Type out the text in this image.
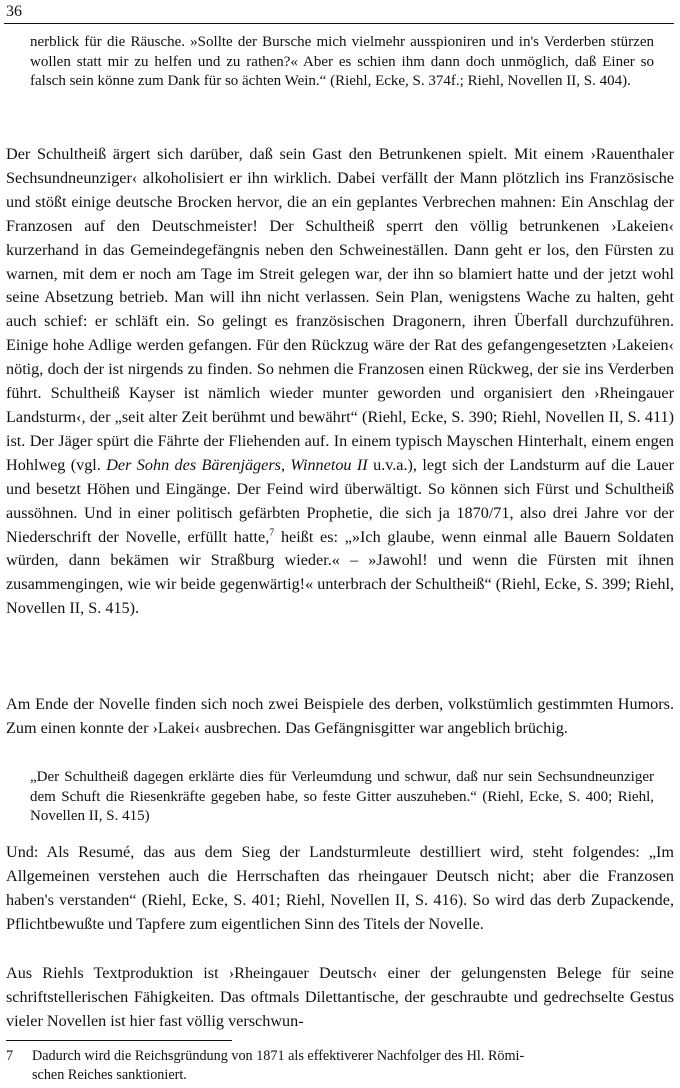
36

nerblick für die Räusche. »Sollte der Bursche mich vielmehr ausspioniren und in's Verderben stürzen wollen statt mir zu helfen und zu rathen?« Aber es schien ihm dann doch unmöglich, daß Einer so falsch sein könne zum Dank für so ächten Wein.“ (Riehl, Ecke, S. 374f.; Riehl, Novellen II, S. 404).

Der Schultheiß ärgert sich darüber, daß sein Gast den Betrunkenen spielt. Mit einem ›Rauenthaler Sechsundneunziger‹ alkoholisiert er ihn wirklich. Dabei verfällt der Mann plötzlich ins Französische und stößt einige deutsche Brocken hervor, die an ein geplantes Verbrechen mahnen: Ein Anschlag der Franzosen auf den Deutschmeister! Der Schultheiß sperrt den völlig betrunkenen ›Lakeien‹ kurzerhand in das Gemeindegefängnis neben den Schweineställen. Dann geht er los, den Fürsten zu warnen, mit dem er noch am Tage im Streit gelegen war, der ihn so blamiert hatte und der jetzt wohl seine Absetzung betrieb. Man will ihn nicht verlassen. Sein Plan, wenigstens Wache zu halten, geht auch schief: er schläft ein. So gelingt es französischen Dragonern, ihren Überfall durchzuführen. Einige hohe Adlige werden gefangen. Für den Rückzug wäre der Rat des gefangengesetzten ›Lakeien‹ nötig, doch der ist nirgends zu finden. So nehmen die Franzosen einen Rückweg, der sie ins Verderben führt. Schultheiß Kayser ist nämlich wieder munter geworden und organisiert den ›Rheingauer Landsturm‹, der „seit alter Zeit berühmt und bewährt“ (Riehl, Ecke, S. 390; Riehl, Novellen II, S. 411) ist. Der Jäger spürt die Fährte der Fliehenden auf. In einem typisch Mayschen Hinterhalt, einem engen Hohlweg (vgl. Der Sohn des Bärenjägers, Winnetou II u.v.a.), legt sich der Landsturm auf die Lauer und besetzt Höhen und Eingänge. Der Feind wird überwältigt. So können sich Fürst und Schultheiß aussöhnen. Und in einer politisch gefärbten Prophetie, die sich ja 1870/71, also drei Jahre vor der Niederschrift der Novelle, erfüllt hatte,$^7$ heißt es: „»Ich glaube, wenn einmal alle Bauern Soldaten würden, dann bekämen wir Straßburg wieder.« – »Jawohl! und wenn die Fürsten mit ihnen zusammengingen, wie wir beide gegenwärtig!« unterbrach der Schultheiß“ (Riehl, Ecke, S. 399; Riehl, Novellen II, S. 415).

Am Ende der Novelle finden sich noch zwei Beispiele des derben, volkstümlich gestimmten Humors. Zum einen konnte der ›Lakei‹ ausbrechen. Das Gefängnisgitter war angeblich brüchig.

„Der Schultheiß dagegen erklärte dies für Verleumdung und schwur, daß nur sein Sechsundneunziger dem Schuft die Riesenkräfte gegeben habe, so feste Gitter auszuheben.“ (Riehl, Ecke, S. 400; Riehl, Novellen II, S. 415)

Und: Als Resumé, das aus dem Sieg der Landsturmleute destilliert wird, steht folgendes: „Im Allgemeinen verstehen auch die Herrschaften das rheingauer Deutsch nicht; aber die Franzosen haben's verstanden“ (Riehl, Ecke, S. 401; Riehl, Novellen II, S. 416). So wird das derb Zupackende, Pflichtbewußte und Tapfere zum eigentlichen Sinn des Titels der Novelle.

Aus Riehls Textproduktion ist ›Rheingauer Deutsch‹ einer der gelungensten Belege für seine schriftstellerischen Fähigkeiten. Das oftmals Dilettantische, der geschraubte und gedrechselte Gestus vieler Novellen ist hier fast völlig verschwun-

7 Dadurch wird die Reichsgründung von 1871 als effektiverer Nachfolger des Hl. Römi-
schen Reiches sanktioniert.
